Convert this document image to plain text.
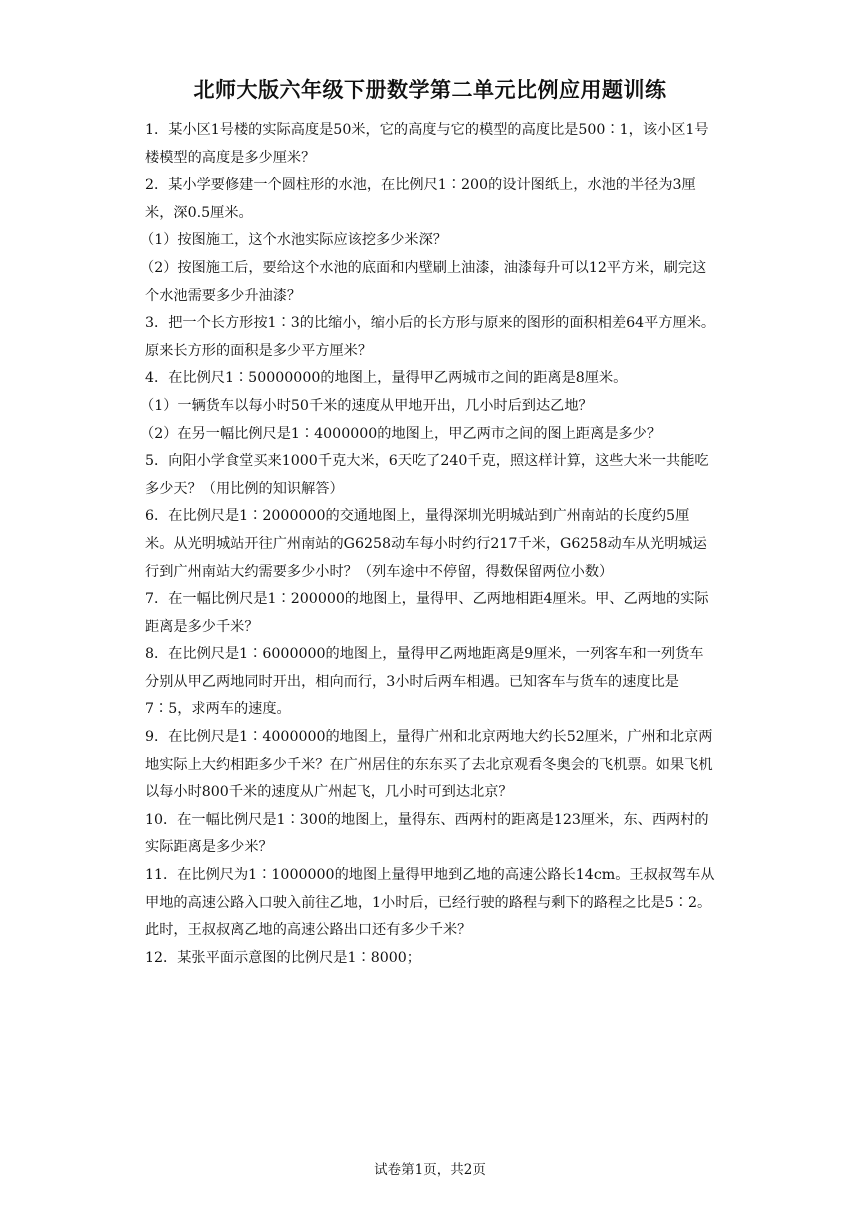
北师大版六年级下册数学第二单元比例应用题训练

1．某小区1号楼的实际高度是50米，它的高度与它的模型的高度比是500∶1，该小区1号楼模型的高度是多少厘米？

2．某小学要修建一个圆柱形的水池，在比例尺1∶200的设计图纸上，水池的半径为3厘米，深0.5厘米。

（1）按图施工，这个水池实际应该挖多少米深？

（2）按图施工后，要给这个水池的底面和内壁刷上油漆，油漆每升可以12平方米，刷完这个水池需要多少升油漆？

3．把一个长方形按1∶3的比缩小，缩小后的长方形与原来的图形的面积相差64平方厘米。原来长方形的面积是多少平方厘米？

4．在比例尺1∶50000000的地图上，量得甲乙两城市之间的距离是8厘米。

（1）一辆货车以每小时50千米的速度从甲地开出，几小时后到达乙地？

（2）在另一幅比例尺是1∶4000000的地图上，甲乙两市之间的图上距离是多少？

5．向阳小学食堂买来1000千克大米，6天吃了240千克，照这样计算，这些大米一共能吃多少天？（用比例的知识解答）

6．在比例尺是1∶2000000的交通地图上，量得深圳光明城站到广州南站的长度约5厘米。从光明城站开往广州南站的G6258动车每小时约行217千米，G6258动车从光明城运行到广州南站大约需要多少小时？（列车途中不停留，得数保留两位小数）

7．在一幅比例尺是1∶200000的地图上，量得甲、乙两地相距4厘米。甲、乙两地的实际距离是多少千米？

8．在比例尺是1∶6000000的地图上，量得甲乙两地距离是9厘米，一列客车和一列货车分别从甲乙两地同时开出，相向而行，3小时后两车相遇。已知客车与货车的速度比是7∶5，求两车的速度。

9．在比例尺是1∶4000000的地图上，量得广州和北京两地大约长52厘米，广州和北京两地实际上大约相距多少千米？在广州居住的东东买了去北京观看冬奥会的飞机票。如果飞机以每小时800千米的速度从广州起飞，几小时可到达北京？

10．在一幅比例尺是1∶300的地图上，量得东、西两村的距离是123厘米，东、西两村的实际距离是多少米？

11．在比例尺为1∶1000000的地图上量得甲地到乙地的高速公路长14cm。王叔叔驾车从甲地的高速公路入口驶入前往乙地，1小时后，已经行驶的路程与剩下的路程之比是5∶2。此时，王叔叔离乙地的高速公路出口还有多少千米？

12．某张平面示意图的比例尺是1∶8000；

试卷第1页，共2页
